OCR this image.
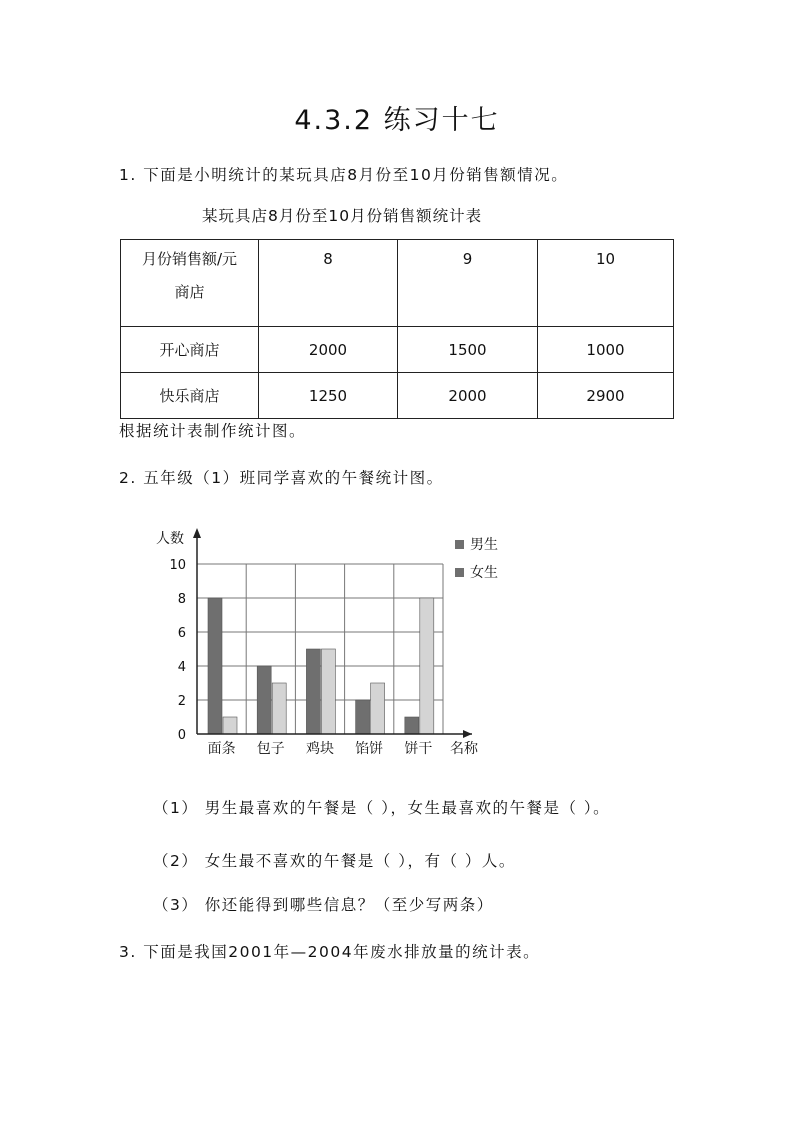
4.3.2 练习十七
1. 下面是小明统计的某玩具店8月份至10月份销售额情况。
某玩具店8月份至10月份销售额统计表
月份销售额/元
商店	8	9	10
开心商店	2000	1500	1000
快乐商店	1250	2000	2900
根据统计表制作统计图。
2. 五年级（1）班同学喜欢的午餐统计图。
面条 包子 鸡块 馅饼 饼干
0
2
4
6
8
10
人数
名称
男生
女生
（1） 男生最喜欢的午餐是（ ），女生最喜欢的午餐是（ ）。
（2） 女生最不喜欢的午餐是（ ），有（ ）人。
（3） 你还能得到哪些信息？（至少写两条）
3. 下面是我国2001年—2004年废水排放量的统计表。
